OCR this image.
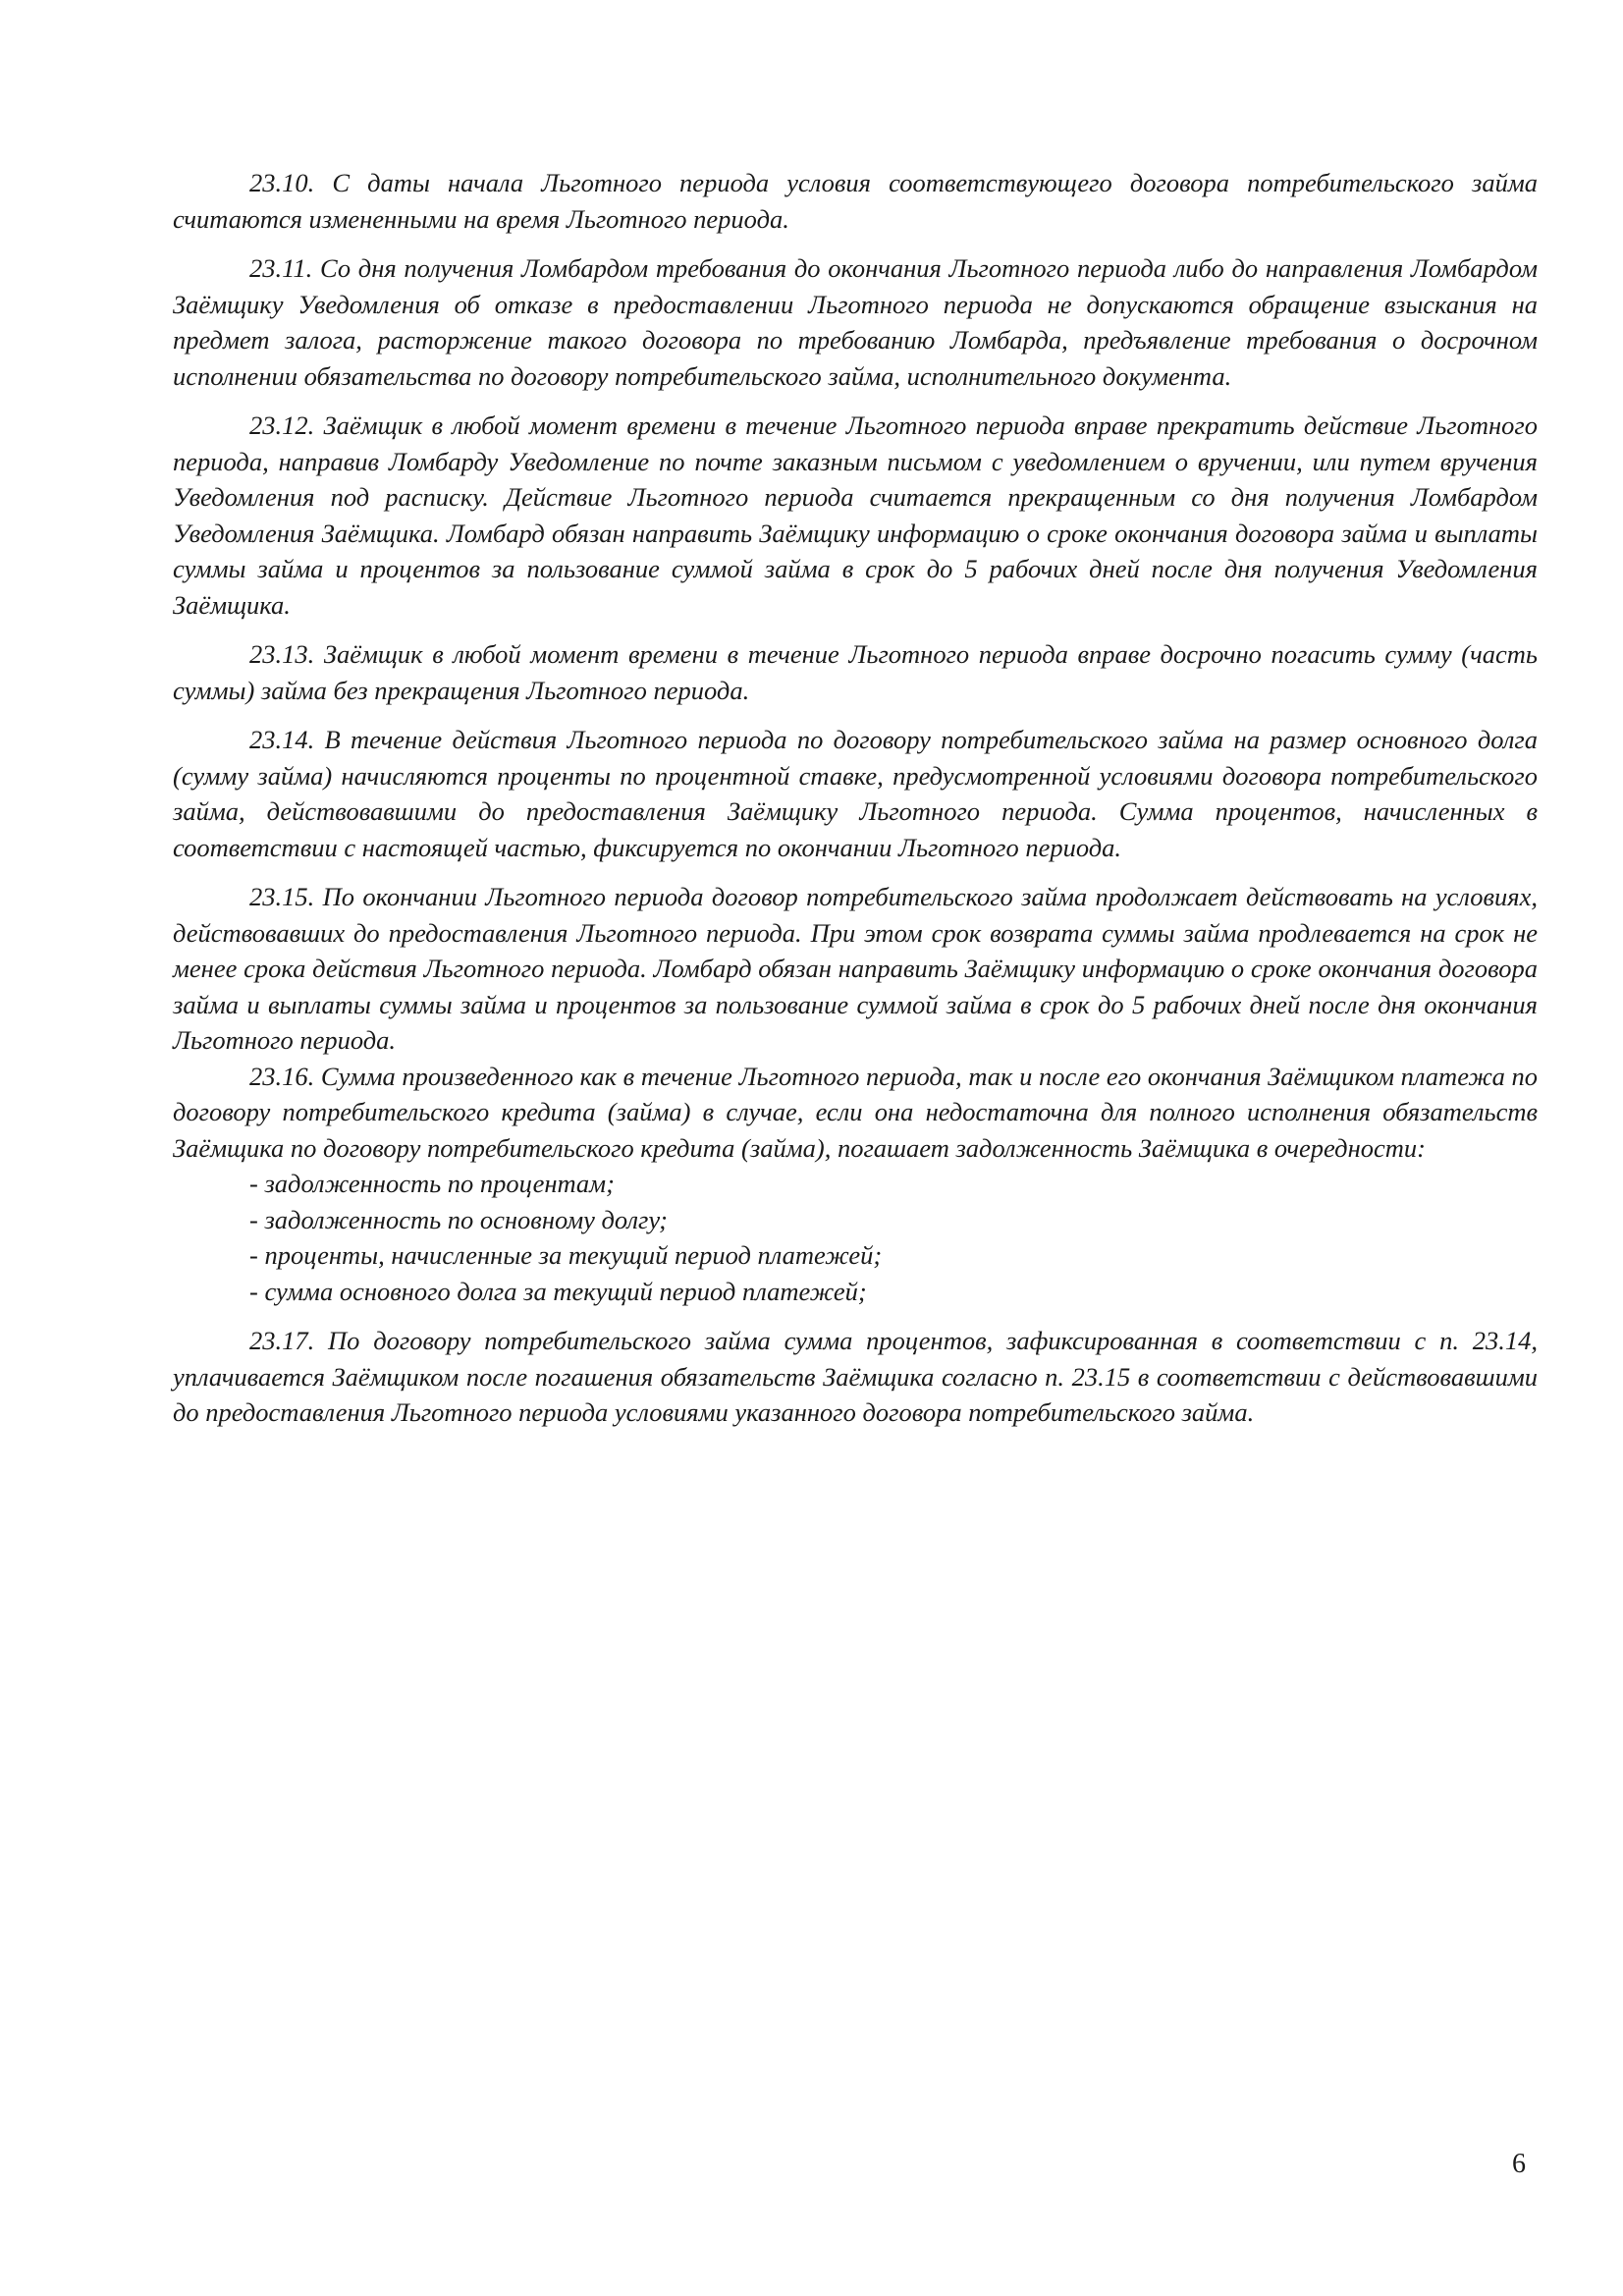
23.10. С даты начала Льготного периода условия соответствующего договора потребительского займа считаются измененными на время Льготного периода.

23.11. Со дня получения Ломбардом требования до окончания Льготного периода либо до направления Ломбардом Заёмщику Уведомления об отказе в предоставлении Льготного периода не допускаются обращение взыскания на предмет залога, расторжение такого договора по требованию Ломбарда, предъявление требования о досрочном исполнении обязательства по договору потребительского займа, исполнительного документа.

23.12. Заёмщик в любой момент времени в течение Льготного периода вправе прекратить действие Льготного периода, направив Ломбарду Уведомление по почте заказным письмом с уведомлением о вручении, или путем вручения Уведомления под расписку. Действие Льготного периода считается прекращенным со дня получения Ломбардом Уведомления Заёмщика. Ломбард обязан направить Заёмщику информацию о сроке окончания договора займа и выплаты суммы займа и процентов за пользование суммой займа в срок до 5 рабочих дней после дня получения Уведомления Заёмщика.

23.13. Заёмщик в любой момент времени в течение Льготного периода вправе досрочно погасить сумму (часть суммы) займа без прекращения Льготного периода.

23.14. В течение действия Льготного периода по договору потребительского займа на размер основного долга (сумму займа) начисляются проценты по процентной ставке, предусмотренной условиями договора потребительского займа, действовавшими до предоставления Заёмщику Льготного периода. Сумма процентов, начисленных в соответствии с настоящей частью, фиксируется по окончании Льготного периода.

23.15. По окончании Льготного периода договор потребительского займа продолжает действовать на условиях, действовавших до предоставления Льготного периода. При этом срок возврата суммы займа продлевается на срок не менее срока действия Льготного периода. Ломбард обязан направить Заёмщику информацию о сроке окончания договора займа и выплаты суммы займа и процентов за пользование суммой займа в срок до 5 рабочих дней после дня окончания Льготного периода.

23.16. Сумма произведенного как в течение Льготного периода, так и после его окончания Заёмщиком платежа по договору потребительского кредита (займа) в случае, если она недостаточна для полного исполнения обязательств Заёмщика по договору потребительского кредита (займа), погашает задолженность Заёмщика в очередности:

- задолженность по процентам;
- задолженность по основному долгу;
- проценты, начисленные за текущий период платежей;
- сумма основного долга за текущий период платежей;

23.17. По договору потребительского займа сумма процентов, зафиксированная в соответствии с п. 23.14, уплачивается Заёмщиком после погашения обязательств Заёмщика согласно п. 23.15 в соответствии с действовавшими до предоставления Льготного периода условиями указанного договора потребительского займа.

6
